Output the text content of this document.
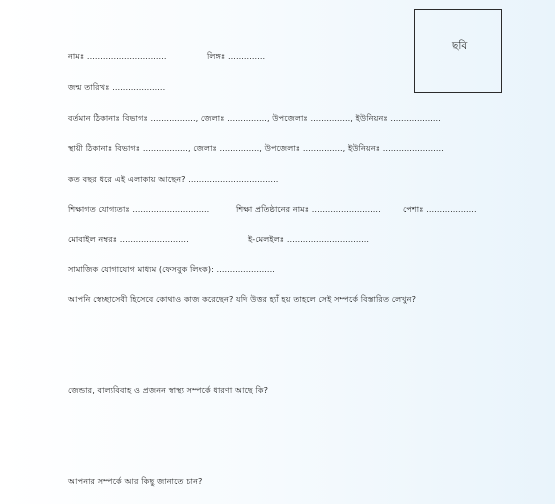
ছবি
নামঃ ..............................	লিঙ্গঃ ..............
জন্ম তারিখঃ ....................
বর্তমান ঠিকানাঃ বিভাগঃ ................., জেলাঃ ..............., উপজেলাঃ ..............., ইউনিয়নঃ ...................
স্থায়ী ঠিকানাঃ বিভাগঃ ................., জেলাঃ ..............., উপজেলাঃ ..............., ইউনিয়নঃ .......................
কত বছর ধরে এই এলাকায় আছেন? ..................................
শিক্ষাগত যোগ্যতাঃ .............................	শিক্ষা প্রতিষ্ঠানের নামঃ ..........................	পেশাঃ ...................
মোবাইল নম্বরঃ ..........................	ই-মেলইলঃ ...............................
সামাজিক যোগাযোগ মাধ্যম (ফেসবুক লিংক): ......................
আপনি স্বেচ্ছাসেবী হিসেবে কোথাও কাজ করেছেন? যদি উত্তর হ্যাঁ হয় তাহলে সেই সম্পর্কে বিস্তারিত লেখুন?
জেন্ডার, বাল্যবিবাহ ও প্রজনন স্বাস্থ্য সম্পর্কে ধারণা আছে কি?
আপনার সম্পর্কে আর কিছু জানাতে চান?
